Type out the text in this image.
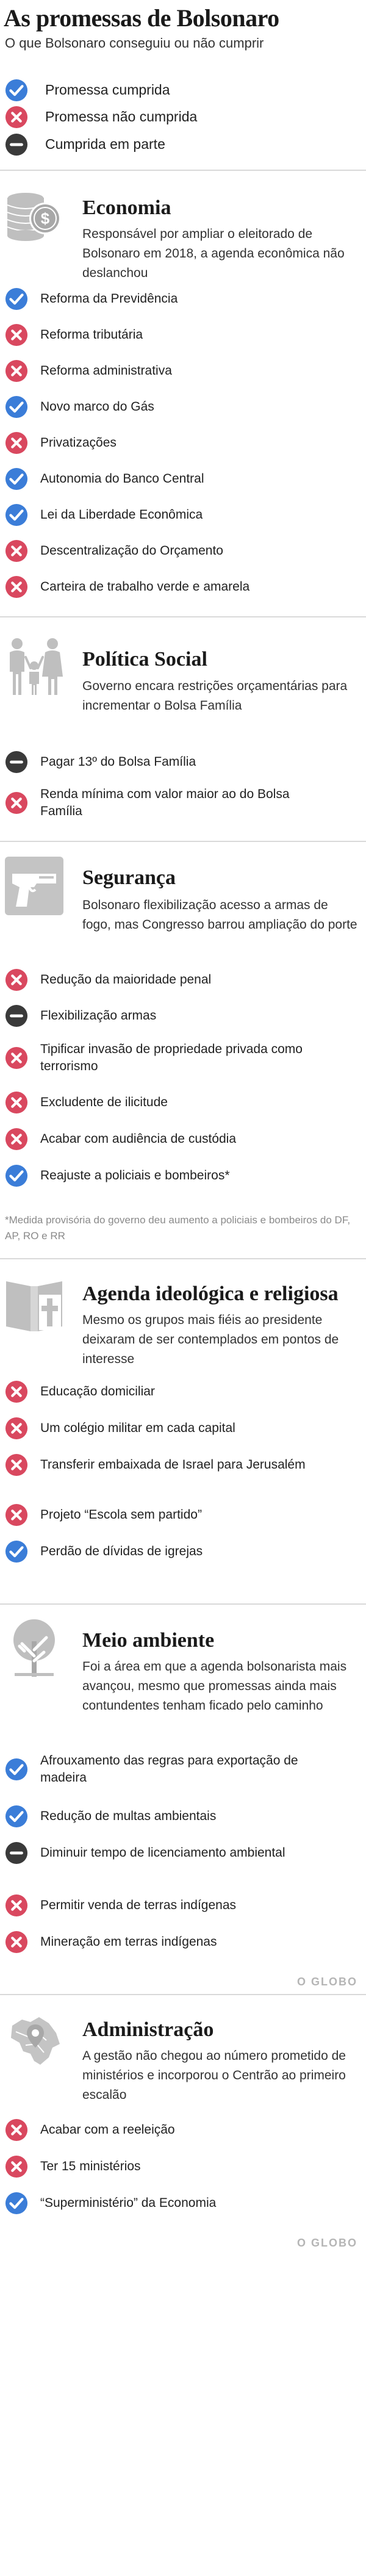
As promessas de Bolsonaro
O que Bolsonaro conseguiu ou não cumprir
Promessa cumprida
Promessa não cumprida
Cumprida em parte
$ Economia
Responsável por ampliar o eleitorado de Bolsonaro em 2018, a agenda econômica não deslanchou
Reforma da Previdência
Reforma tributária
Reforma administrativa
Novo marco do Gás
Privatizações
Autonomia do Banco Central
Lei da Liberdade Econômica
Descentralização do Orçamento
Carteira de trabalho verde e amarela
Política Social
Governo encara restrições orçamentárias para incrementar o Bolsa Família
Pagar 13º do Bolsa Família
Renda mínima com valor maior ao do Bolsa Família
Segurança
Bolsonaro flexibilização acesso a armas de fogo, mas Congresso barrou ampliação do porte
Redução da maioridade penal
Flexibilização armas
Tipificar invasão de propriedade privada como terrorismo
Excludente de ilicitude
Acabar com audiência de custódia
Reajuste a policiais e bombeiros*
*Medida provisória do governo deu aumento a policiais e bombeiros do DF, AP, RO e RR
Agenda ideológica e religiosa
Mesmo os grupos mais fiéis ao presidente deixaram de ser contemplados em pontos de interesse
Educação domiciliar
Um colégio militar em cada capital
Transferir embaixada de Israel para Jerusalém
Projeto “Escola sem partido”
Perdão de dívidas de igrejas
Meio ambiente
Foi a área em que a agenda bolsonarista mais avançou, mesmo que promessas ainda mais contundentes tenham ficado pelo caminho
Afrouxamento das regras para exportação de madeira
Redução de multas ambientais
Diminuir tempo de licenciamento ambiental
Permitir venda de terras indígenas
Mineração em terras indígenas
O GLOBO
Administração
A gestão não chegou ao número prometido de ministérios e incorporou o Centrão ao primeiro escalão
Acabar com a reeleição
Ter 15 ministérios
“Superministério” da Economia
O GLOBO
